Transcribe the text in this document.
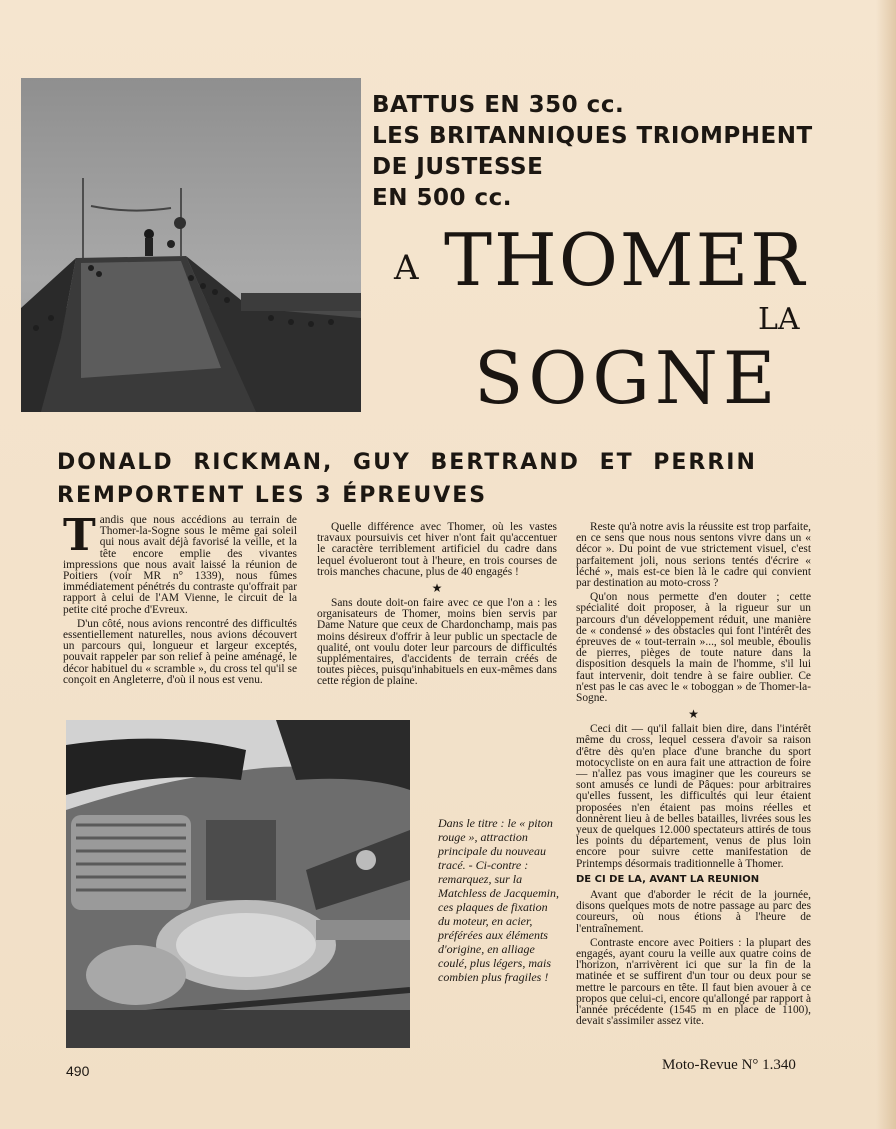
BATTUS EN 350 cc.
LES BRITANNIQUES TRIOMPHENT
DE JUSTESSE
EN 500 cc.
A THOMER
LA
SOGNE
DONALD RICKMAN, GUY BERTRAND ET PERRIN
REMPORTENT LES 3 ÉPREUVES

Tandis que nous accédions au terrain de Thomer-la-Sogne sous le même gai soleil qui nous avait déjà favorisé la veille, et la tête encore emplie des vivantes impressions que nous avait laissé la réunion de Poitiers (voir MR n° 1339), nous fûmes immédiatement pénétrés du contraste qu'offrait par rapport à celui de l'AM Vienne, le circuit de la petite cité proche d'Evreux.

D'un côté, nous avions rencontré des difficultés essentiellement naturelles, nous avions découvert un parcours qui, longueur et largeur exceptés, pouvait rappeler par son relief à peine aménagé, le décor habituel du « scramble », du cross tel qu'il se conçoit en Angleterre, d'où il nous est venu.

Quelle différence avec Thomer, où les vastes travaux poursuivis cet hiver n'ont fait qu'accentuer le caractère terriblement artificiel du cadre dans lequel évolueront tout à l'heure, en trois courses de trois manches chacune, plus de 40 engagés !

★

Sans doute doit-on faire avec ce que l'on a : les organisateurs de Thomer, moins bien servis par Dame Nature que ceux de Chardonchamp, mais pas moins désireux d'offrir à leur public un spectacle de qualité, ont voulu doter leur parcours de difficultés supplémentaires, d'accidents de terrain créés de toutes pièces, puisqu'inhabituels en eux-mêmes dans cette région de plaine.

Reste qu'à notre avis la réussite est trop parfaite, en ce sens que nous nous sentons vivre dans un « décor ». Du point de vue strictement visuel, c'est parfaitement joli, nous serions tentés d'écrire « léché », mais est-ce bien là le cadre qui convient par destination au moto-cross ?

Qu'on nous permette d'en douter ; cette spécialité doit proposer, à la rigueur sur un parcours d'un développement réduit, une manière de « condensé » des obstacles qui font l'intérêt des épreuves de « tout-terrain »..., sol meuble, éboulis de pierres, pièges de toute nature dans la disposition desquels la main de l'homme, s'il lui faut intervenir, doit tendre à se faire oublier. Ce n'est pas le cas avec le « toboggan » de Thomer-la-Sogne.

★

Ceci dit — qu'il fallait bien dire, dans l'intérêt même du cross, lequel cessera d'avoir sa raison d'être dès qu'en place d'une branche du sport motocycliste on en aura fait une attraction de foire — n'allez pas vous imaginer que les coureurs se sont amusés ce lundi de Pâques: pour arbitraires qu'elles fussent, les difficultés qui leur étaient proposées n'en étaient pas moins réelles et donnèrent lieu à de belles batailles, livrées sous les yeux de quelques 12.000 spectateurs attirés de tous les points du département, venus de plus loin encore pour suivre cette manifestation de Printemps désormais traditionnelle à Thomer.

DE CI DE LA, AVANT LA REUNION

Avant que d'aborder le récit de la journée, disons quelques mots de notre passage au parc des coureurs, où nous étions à l'heure de l'entraînement.

Contraste encore avec Poitiers : la plupart des engagés, ayant couru la veille aux quatre coins de l'horizon, n'arrivèrent ici que sur la fin de la matinée et se suffirent d'un tour ou deux pour se mettre le parcours en tête. Il faut bien avouer à ce propos que celui-ci, encore qu'allongé par rapport à l'année précédente (1545 m en place de 1100), devait s'assimiler assez vite.

Dans le titre : le « piton rouge », attraction principale du nouveau tracé. - Ci-contre : remarquez, sur la Matchless de Jacquemin, ces plaques de fixation du moteur, en acier, préférées aux éléments d'origine, en alliage coulé, plus légers, mais combien plus fragiles !

490	Moto-Revue N° 1.340
